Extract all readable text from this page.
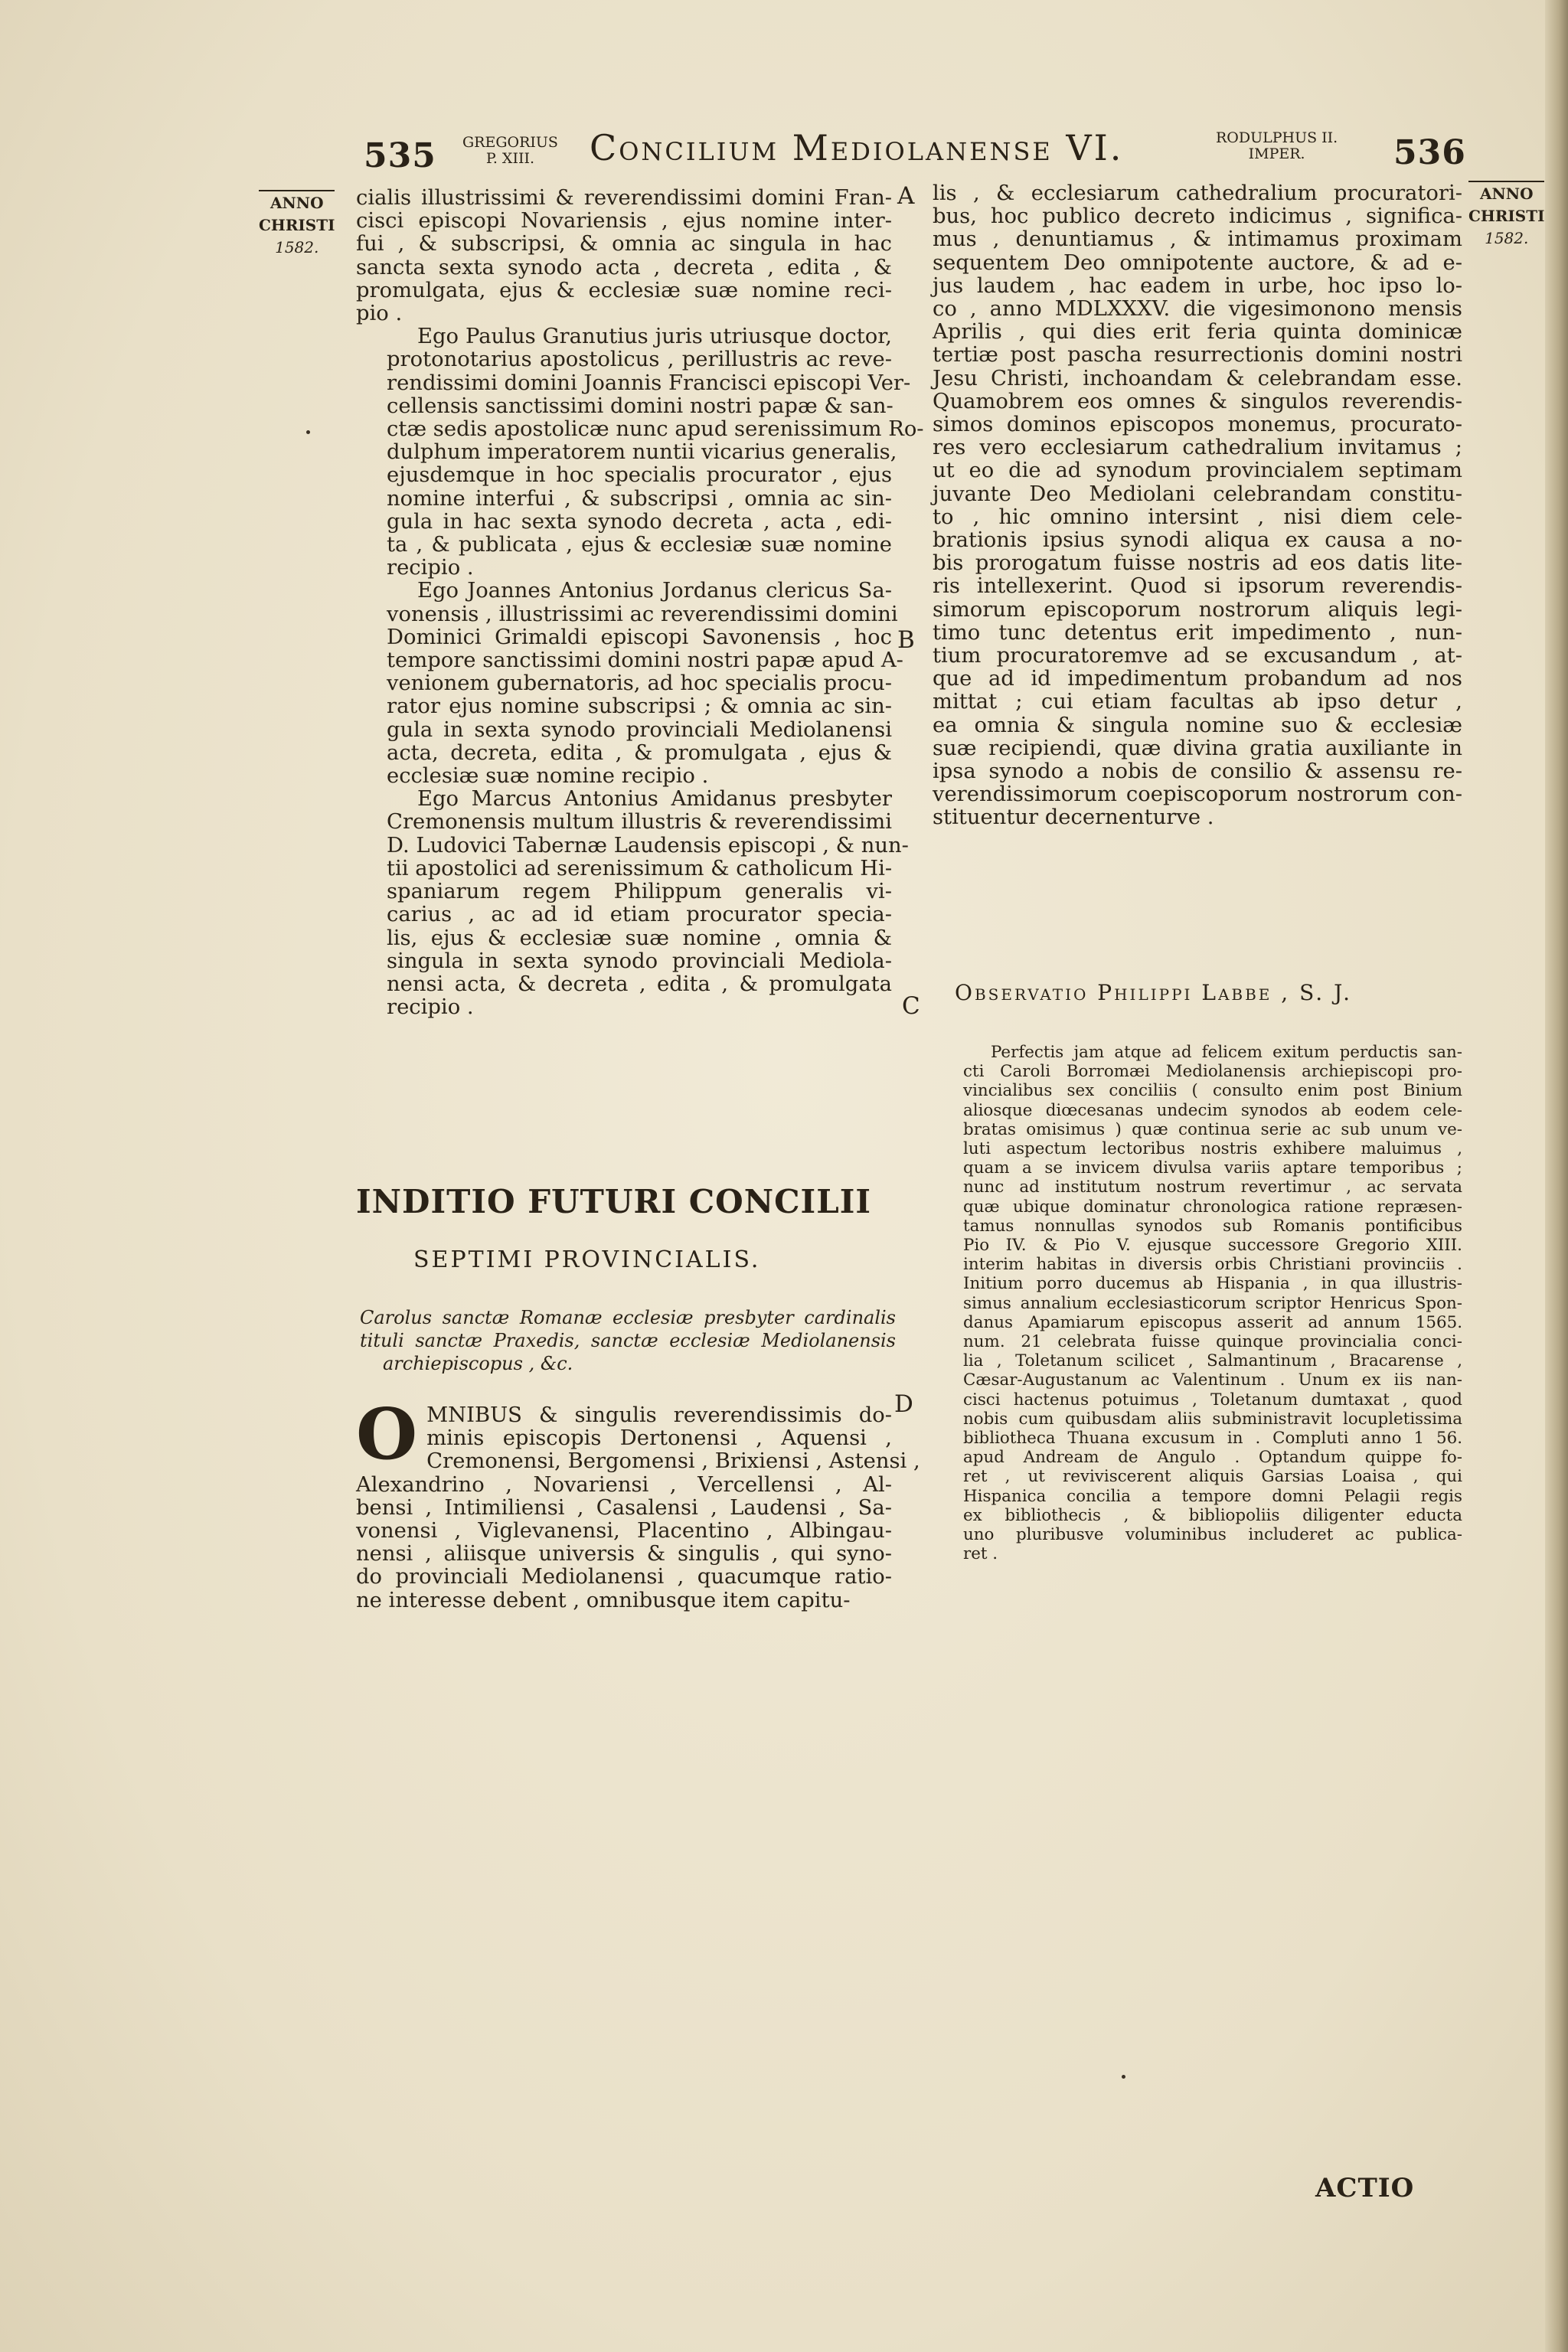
535 GREGORIUS
P. XIII.	Concilium Mediolanense VI.	RODULPHUS II.
IMPER.	536
ANNO
CHRISTI
1582.
ANNO
CHRISTI
1582.
A
B
C
D
cialis illustrissimi & reverendissimi domini Fran-
cisci episcopi Novariensis , ejus nomine inter-
fui , & subscripsi, & omnia ac singula in hac
sancta sexta synodo acta , decreta , edita , &
promulgata, ejus & ecclesiæ suæ nomine reci-
pio .
Ego Paulus Granutius juris utriusque doctor,
protonotarius apostolicus , perillustris ac reve-
rendissimi domini Joannis Francisci episcopi Ver-
cellensis sanctissimi domini nostri papæ & san-
ctæ sedis apostolicæ nunc apud serenissimum Ro-
dulphum imperatorem nuntii vicarius generalis,
ejusdemque in hoc specialis procurator , ejus
nomine interfui , & subscripsi , omnia ac sin-
gula in hac sexta synodo decreta , acta , edi-
ta , & publicata , ejus & ecclesiæ suæ nomine
recipio .
Ego Joannes Antonius Jordanus clericus Sa-
vonensis , illustrissimi ac reverendissimi domini
Dominici Grimaldi episcopi Savonensis , hoc
tempore sanctissimi domini nostri papæ apud A-
venionem gubernatoris, ad hoc specialis procu-
rator ejus nomine subscripsi ; & omnia ac sin-
gula in sexta synodo provinciali Mediolanensi
acta, decreta, edita , & promulgata , ejus &
ecclesiæ suæ nomine recipio .
Ego Marcus Antonius Amidanus presbyter
Cremonensis multum illustris & reverendissimi
D. Ludovici Tabernæ Laudensis episcopi , & nun-
tii apostolici ad serenissimum & catholicum Hi-
spaniarum regem Philippum generalis vi-
carius , ac ad id etiam procurator specia-
lis, ejus & ecclesiæ suæ nomine , omnia &
singula in sexta synodo provinciali Mediola-
nensi acta, & decreta , edita , & promulgata
recipio .
INDITIO FUTURI CONCILII
SEPTIMI PROVINCIALIS.
Carolus sanctæ Romanæ ecclesiæ presbyter cardinalis
tituli sanctæ Praxedis, sanctæ ecclesiæ Mediolanensis
archiepiscopus , &c.
O MNIBUS & singulis reverendissimis do-
minis episcopis Dertonensi , Aquensi ,
Cremonensi, Bergomensi , Brixiensi , Astensi ,
Alexandrino , Novariensi , Vercellensi , Al-
bensi , Intimiliensi , Casalensi , Laudensi , Sa-
vonensi , Viglevanensi, Placentino , Albingau-
nensi , aliisque universis & singulis , qui syno-
do provinciali Mediolanensi , quacumque ratio-
ne interesse debent , omnibusque item capitu-
lis , & ecclesiarum cathedralium procuratori-
bus, hoc publico decreto indicimus , significa-
mus , denuntiamus , & intimamus proximam
sequentem Deo omnipotente auctore, & ad e-
jus laudem , hac eadem in urbe, hoc ipso lo-
co , anno MDLXXXV. die vigesimonono mensis
Aprilis , qui dies erit feria quinta dominicæ
tertiæ post pascha resurrectionis domini nostri
Jesu Christi, inchoandam & celebrandam esse.
Quamobrem eos omnes & singulos reverendis-
simos dominos episcopos monemus, procurato-
res vero ecclesiarum cathedralium invitamus ;
ut eo die ad synodum provincialem septimam
juvante Deo Mediolani celebrandam constitu-
to , hic omnino intersint , nisi diem cele-
brationis ipsius synodi aliqua ex causa a no-
bis prorogatum fuisse nostris ad eos datis lite-
ris intellexerint. Quod si ipsorum reverendis-
simorum episcoporum nostrorum aliquis legi-
timo tunc detentus erit impedimento , nun-
tium procuratoremve ad se excusandum , at-
que ad id impedimentum probandum ad nos
mittat ; cui etiam facultas ab ipso detur ,
ea omnia & singula nomine suo & ecclesiæ
suæ recipiendi, quæ divina gratia auxiliante in
ipsa synodo a nobis de consilio & assensu re-
verendissimorum coepiscoporum nostrorum con-
stituentur decernenturve .
Observatio Philippi Labbe , S. J.
Perfectis jam atque ad felicem exitum perductis san-
cti Caroli Borromæi Mediolanensis archiepiscopi pro-
vincialibus sex conciliis ( consulto enim post Binium
aliosque diœcesanas undecim synodos ab eodem cele-
bratas omisimus ) quæ continua serie ac sub unum ve-
luti aspectum lectoribus nostris exhibere maluimus ,
quam a se invicem divulsa variis aptare temporibus ;
nunc ad institutum nostrum revertimur , ac servata
quæ ubique dominatur chronologica ratione repræsen-
tamus nonnullas synodos sub Romanis pontificibus
Pio IV. & Pio V. ejusque successore Gregorio XIII.
interim habitas in diversis orbis Christiani provinciis .
Initium porro ducemus ab Hispania , in qua illustris-
simus annalium ecclesiasticorum scriptor Henricus Spon-
danus Apamiarum episcopus asserit ad annum 1565.
num. 21 celebrata fuisse quinque provincialia conci-
lia , Toletanum scilicet , Salmantinum , Bracarense ,
Cæsar-Augustanum ac Valentinum . Unum ex iis nan-
cisci hactenus potuimus , Toletanum dumtaxat , quod
nobis cum quibusdam aliis subministravit locupletissima
bibliotheca Thuana excusum in . Compluti anno 1 56.
apud Andream de Angulo . Optandum quippe fo-
ret , ut reviviscerent aliquis Garsias Loaisa , qui
Hispanica concilia a tempore domni Pelagii regis
ex bibliothecis , & bibliopoliis diligenter educta
uno pluribusve voluminibus includeret ac publica-
ret .
ACTIO
